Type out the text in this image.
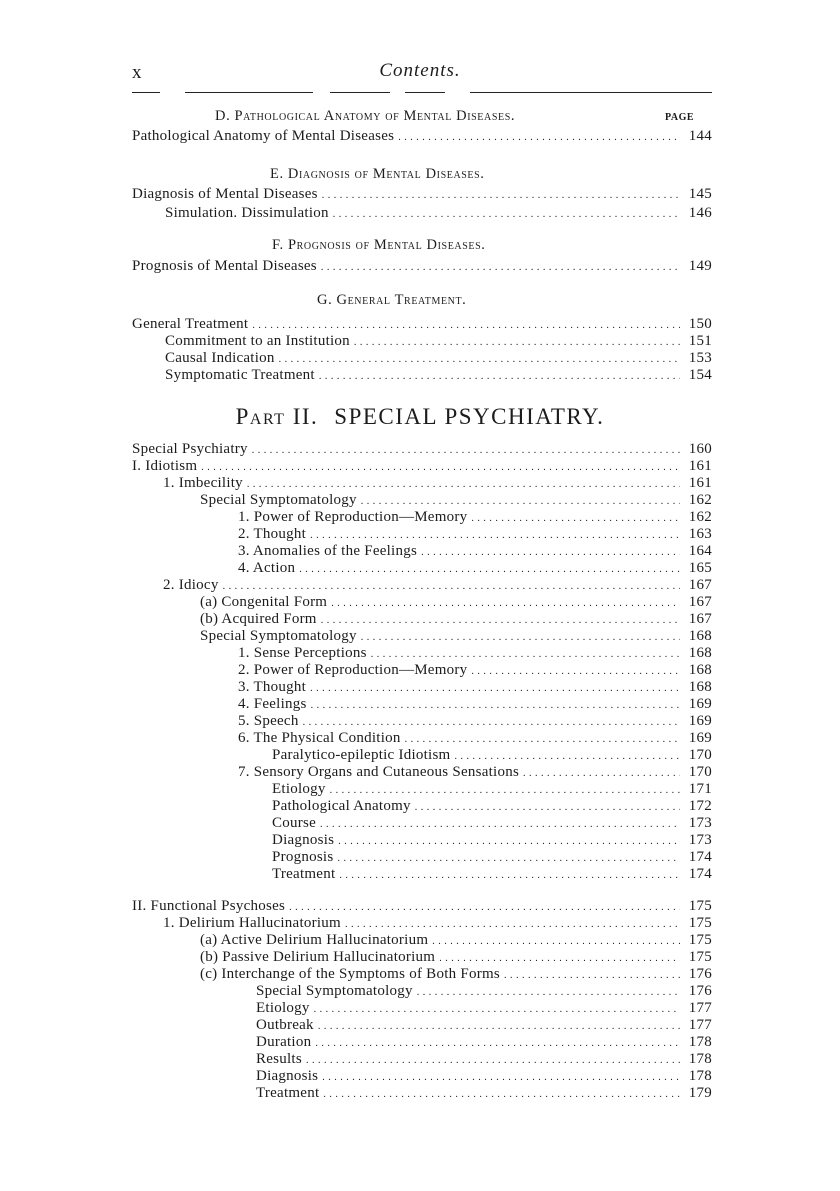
x	Contents.
D. Pathological Anatomy of Mental Diseases.	PAGE
Pathological Anatomy of Mental Diseases . . .	144
E. Diagnosis of Mental Diseases.
Diagnosis of Mental Diseases . . .	145
Simulation. Dissimulation . . .	146
F. Prognosis of Mental Diseases.
Prognosis of Mental Diseases . . .	149
G. General Treatment.
General Treatment . . .	150
Commitment to an Institution . . .	151
Causal Indication . . .	153
Symptomatic Treatment . . .	154
Part II. SPECIAL PSYCHIATRY.
Special Psychiatry . . .	160
I. Idiotism . . .	161
1. Imbecility . . .	161
Special Symptomatology . . .	162
1. Power of Reproduction—Memory . . .	162
2. Thought . . .	163
3. Anomalies of the Feelings . . .	164
4. Action . . .	165
2. Idiocy . . .	167
(a) Congenital Form . . .	167
(b) Acquired Form . . .	167
Special Symptomatology . . .	168
1. Sense Perceptions . . .	168
2. Power of Reproduction—Memory . . .	168
3. Thought . . .	168
4. Feelings . . .	169
5. Speech . . .	169
6. The Physical Condition . . .	169
Paralytico-epileptic Idiotism . . .	170
7. Sensory Organs and Cutaneous Sensations . . .	170
Etiology . . .	171
Pathological Anatomy . . .	172
Course . . .	173
Diagnosis . . .	173
Prognosis . . .	174
Treatment . . .	174
II. Functional Psychoses . . .	175
1. Delirium Hallucinatorium . . .	175
(a) Active Delirium Hallucinatorium . . .	175
(b) Passive Delirium Hallucinatorium . . .	175
(c) Interchange of the Symptoms of Both Forms . . .	176
Special Symptomatology . . .	176
Etiology . . .	177
Outbreak . . .	177
Duration . . .	178
Results . . .	178
Diagnosis . . .	178
Treatment . . .	179
